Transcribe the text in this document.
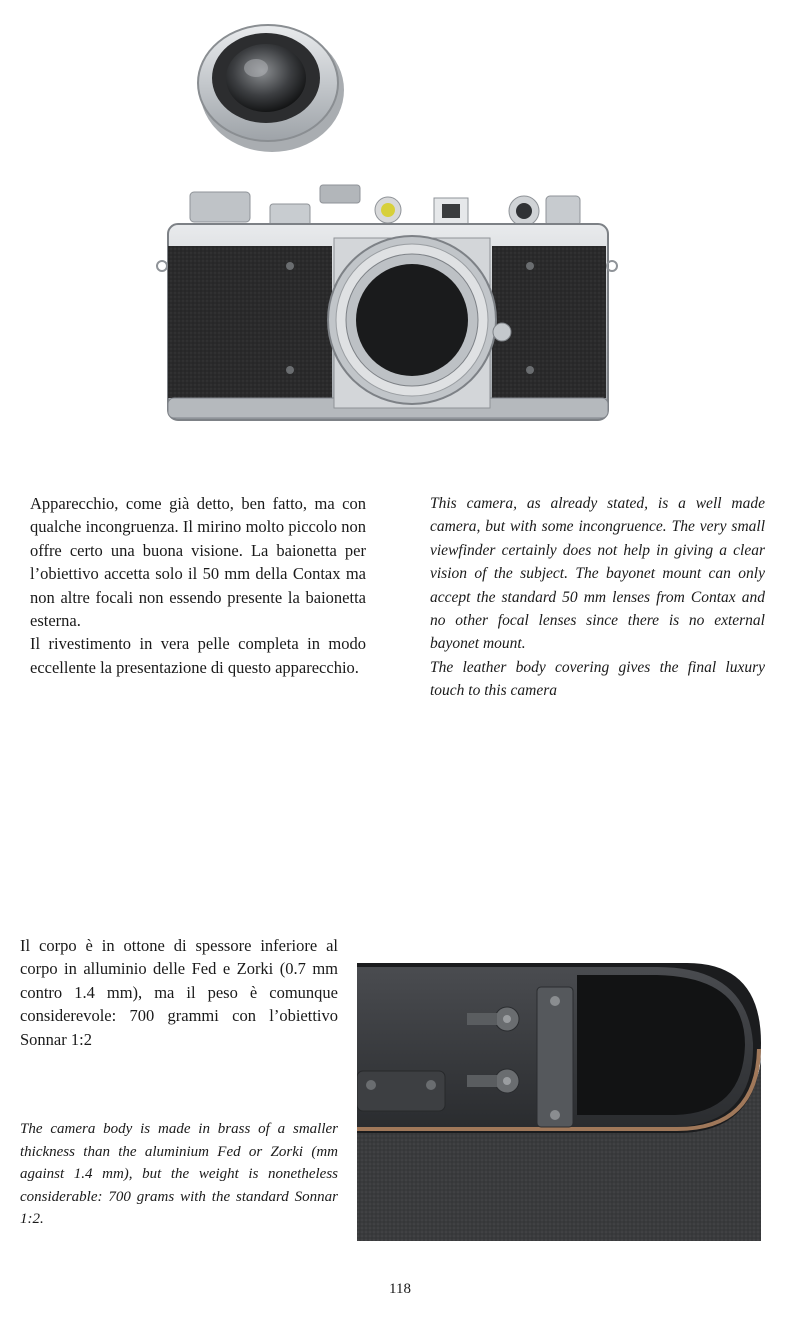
Apparecchio, come già detto, ben fatto, ma con qualche incongruenza. Il mirino molto piccolo non offre certo una buona visione. La baionetta per l’obiettivo accetta solo il 50 mm della Contax ma non altre focali non essendo presente la baionetta esterna.

Il rivestimento in vera pelle completa in modo eccellente la presentazione di questo apparecchio.

This camera, as already stated, is a well made camera, but with some incongruence. The very small viewfinder certainly does not help in giving a clear vision of the subject. The bayonet mount can only accept the standard 50 mm lenses from Contax and no other focal lenses since there is no external bayonet mount.

The leather body covering gives the final luxury touch to this camera

Il corpo è in ottone di spessore inferiore al corpo in alluminio delle Fed e Zorki (0.7 mm contro 1.4 mm), ma il peso è comunque considerevole: 700 grammi con l’obiettivo Sonnar 1:2

The camera body is made in brass of a smaller thickness than the aluminium Fed or Zorki (mm against 1.4 mm), but the weight is nonetheless considerable: 700 grams with the standard Sonnar 1:2.

118
